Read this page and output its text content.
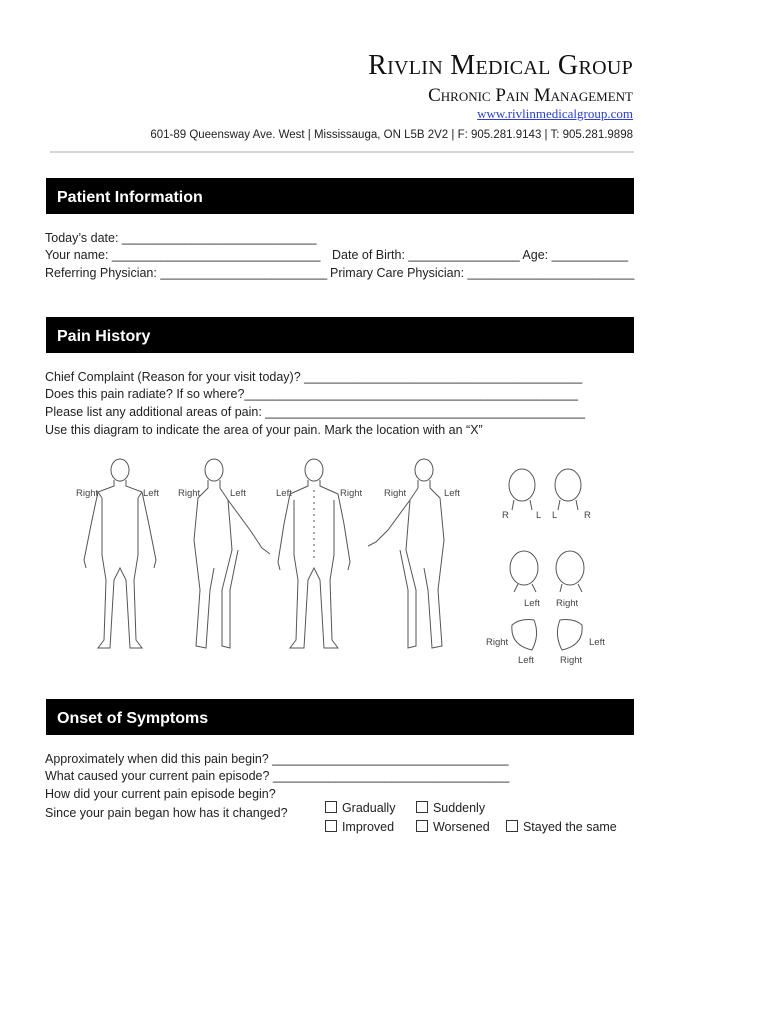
Rivlin Medical Group
Chronic Pain Management
www.rivlinmedicalgroup.com
601-89 Queensway Ave. West | Mississauga, ON L5B 2V2 | F: 905.281.9143 | T: 905.281.9898
Patient Information
Today’s date: ____________________________
Your name: ______________________________ Date of Birth: ________________ Age: ___________
Referring Physician: ________________________ Primary Care Physician: ________________________
Pain History
Chief Complaint (Reason for your visit today)? ________________________________________
Does this pain radiate? If so where?________________________________________________
Please list any additional areas of pain: ______________________________________________
Use this diagram to indicate the area of your pain. Mark the location with an “X”
Right	Left Right	Left	Left	Right Right	Left
R	L L	R
Left Right
Right	Left
Left	Right
Onset of Symptoms
Approximately when did this pain begin? __________________________________
What caused your current pain episode? __________________________________
How did your current pain episode begin?

Gradually	Suddenly

Since your pain began how has it changed?

Improved	Worsened	Stayed the same
